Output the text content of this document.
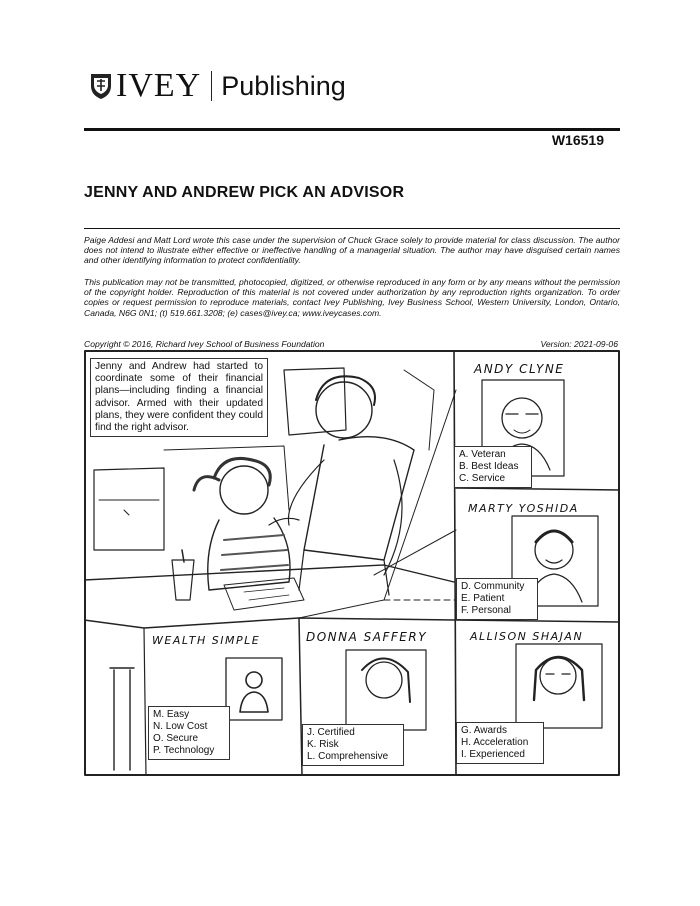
IVEY Publishing
W16519
JENNY AND ANDREW PICK AN ADVISOR
Paige Addesi and Matt Lord wrote this case under the supervision of Chuck Grace solely to provide material for class discussion. The author does not intend to illustrate either effective or ineffective handling of a managerial situation. The author may have disguised certain names and other identifying information to protect confidentiality.
This publication may not be transmitted, photocopied, digitized, or otherwise reproduced in any form or by any means without the permission of the copyright holder. Reproduction of this material is not covered under authorization by any reproduction rights organization. To order copies or request permission to reproduce materials, contact Ivey Publishing, Ivey Business School, Western University, London, Ontario, Canada, N6G 0N1; (t) 519.661.3208; (e) cases@ivey.ca; www.iveycases.com.
Copyright © 2016, Richard Ivey School of Business Foundation	Version: 2021-09-06
Jenny and Andrew had started to coordinate some of their financial plans—including finding a financial advisor. Armed with their updated plans, they were confident they could find the right advisor.
ANDY CLYNE
MARTY YOSHIDA
WEALTH SIMPLE	DONNA SAFFERY	ALLISON SHAJAN
A. Veteran
B. Best Ideas
C. Service
D. Community
E. Patient
F. Personal
M. Easy
N. Low Cost
O. Secure
P. Technology
J. Certified
K. Risk
L. Comprehensive
G. Awards
H. Acceleration
I. Experienced
